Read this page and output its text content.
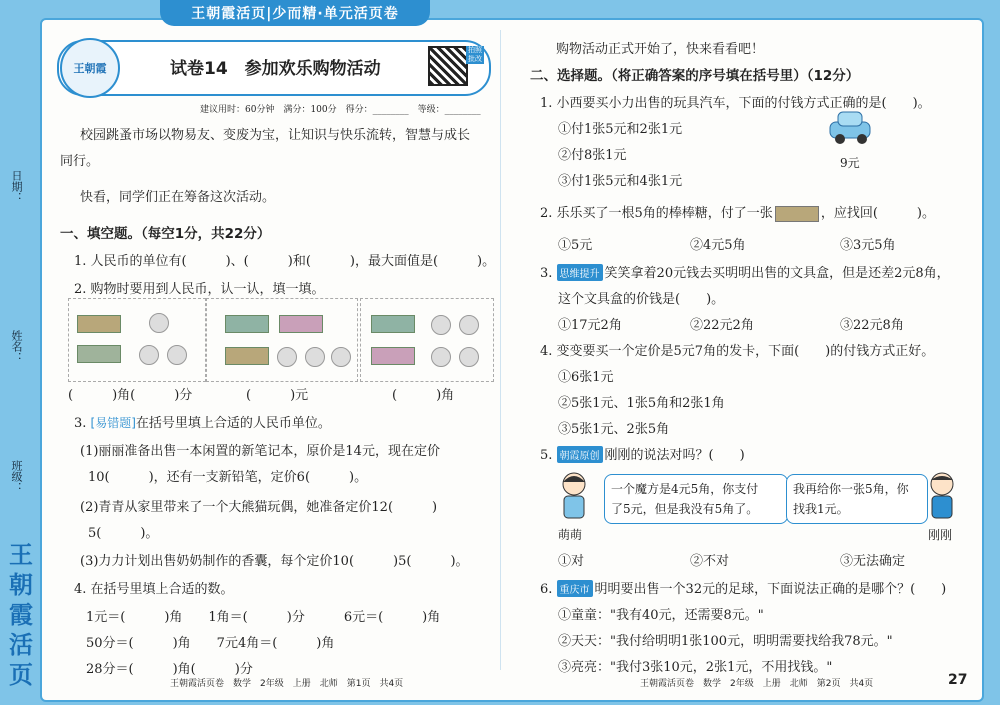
王朝霞活页|少而精·单元活页卷
日期：
姓名：
班级：
王朝霞活页
王朝霞	试卷14　参加欢乐购物活动
拍照批改
建议用时：60分钟　满分：100分　得分：________　等级：________
校园跳蚤市场以物易友、变废为宝，让知识与快乐流转，智慧与成长
同行。
快看，同学们正在筹备这次活动。
一、填空题。（每空1分，共22分）
1. 人民币的单位有(　　　)、(　　　)和(　　　)，最大面值是(　　　)。
2. 购物时要用到人民币，认一认，填一填。
(　　　)角(　　　)分	(　　　)元	(　　　)角
3. [易错题]在括号里填上合适的人民币单位。
(1)丽丽准备出售一本闲置的新笔记本，原价是14元，现在定价
10(　　　)，还有一支新铅笔，定价6(　　　)。
(2)青青从家里带来了一个大熊猫玩偶，她准备定价12(　　　)
5(　　　)。
(3)力力计划出售奶奶制作的香囊，每个定价10(　　　)5(　　　)。
4. 在括号里填上合适的数。
1元＝(　　　)角　　1角＝(　　　)分　　　6元＝(　　　)角
50分＝(　　　)角　　7元4角＝(　　　)角
28分＝(　　　)角(　　　)分
购物活动正式开始了，快来看看吧！
二、选择题。（将正确答案的序号填在括号里）（12分）
1. 小西要买小力出售的玩具汽车，下面的付钱方式正确的是(　　)。
①付1张5元和2张1元
②付8张1元
③付1张5元和4张1元
9元
2. 乐乐买了一根5角的棒棒糖，付了一张	，应找回(　　　)。
①5元	②4元5角	③3元5角
3. 思维提升 笑笑拿着20元钱去买明明出售的文具盒，但是还差2元8角，
这个文具盒的价钱是(　　)。
①17元2角	②22元2角	③22元8角
4. 变变要买一个定价是5元7角的发卡，下面(　　)的付钱方式正好。
①6张1元
②5张1元、1张5角和2张1角
③5张1元、2张5角
5. 朝霞原创 刚刚的说法对吗？(　　)
萌萌
一个魔方是4元5角，你支付
了5元，但是我没有5角了。
我再给你一张5角，你
找我1元。
刚刚
①对	②不对	③无法确定
6. 重庆市 明明要出售一个32元的足球，下面说法正确的是哪个？(　　)
①童童："我有40元，还需要8元。"
②天天："我付给明明1张100元，明明需要找给我78元。"
③亮亮："我付3张10元，2张1元，不用找钱。"
王朝霞活页卷　数学　2年级　上册　北师　第1页　共4页	王朝霞活页卷　数学　2年级　上册　北师　第2页　共4页	27
